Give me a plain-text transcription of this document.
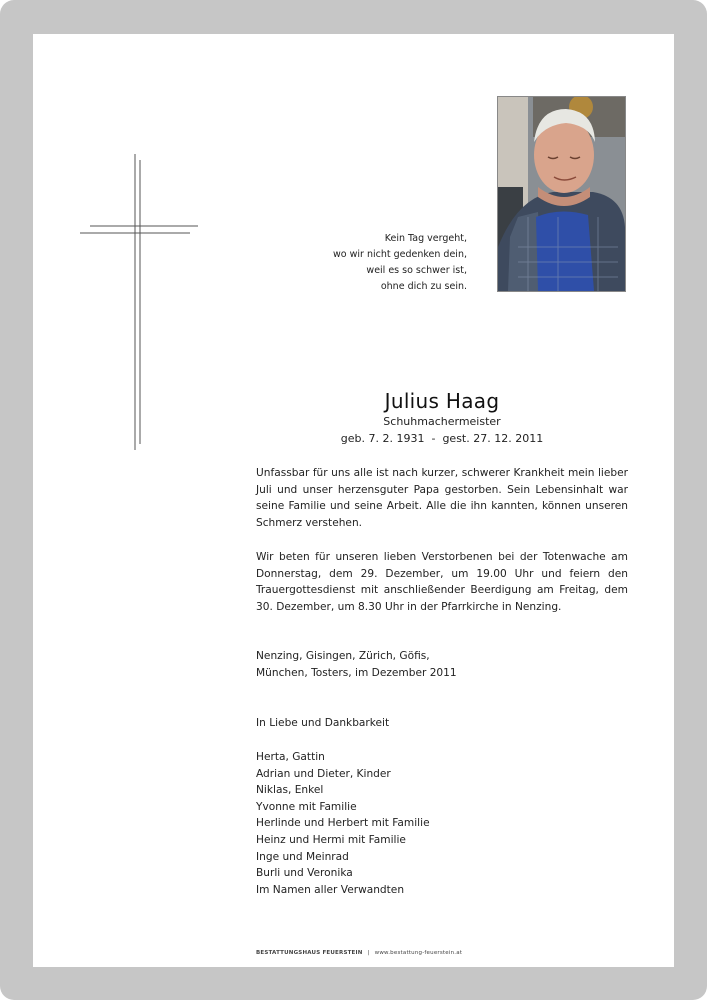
Kein Tag vergeht,
wo wir nicht gedenken dein,
weil es so schwer ist,
ohne dich zu sein.
Julius Haag
Schuhmachermeister
geb. 7. 2. 1931  -  gest. 27. 12. 2011
Unfassbar für uns alle ist nach kurzer, schwerer Krankheit mein lieber Juli und unser herzensguter Papa gestorben. Sein Lebensinhalt war seine Familie und seine Arbeit. Alle die ihn kannten, können unseren Schmerz verstehen.
Wir beten für unseren lieben Verstorbenen bei der Totenwache am Donnerstag, dem 29. Dezember, um 19.00 Uhr und feiern den Trauergottesdienst mit anschließender Beerdigung am Freitag, dem 30. Dezember, um 8.30 Uhr in der Pfarrkirche in Nenzing.
Nenzing, Gisingen, Zürich, Göfis,
München, Tosters, im Dezember 2011
In Liebe und Dankbarkeit
Herta, Gattin
Adrian und Dieter, Kinder
Niklas, Enkel
Yvonne mit Familie
Herlinde und Herbert mit Familie
Heinz und Hermi mit Familie
Inge und Meinrad
Burli und Veronika
Im Namen aller Verwandten
BESTATTUNGSHAUS FEUERSTEIN | www.bestattung-feuerstein.at
